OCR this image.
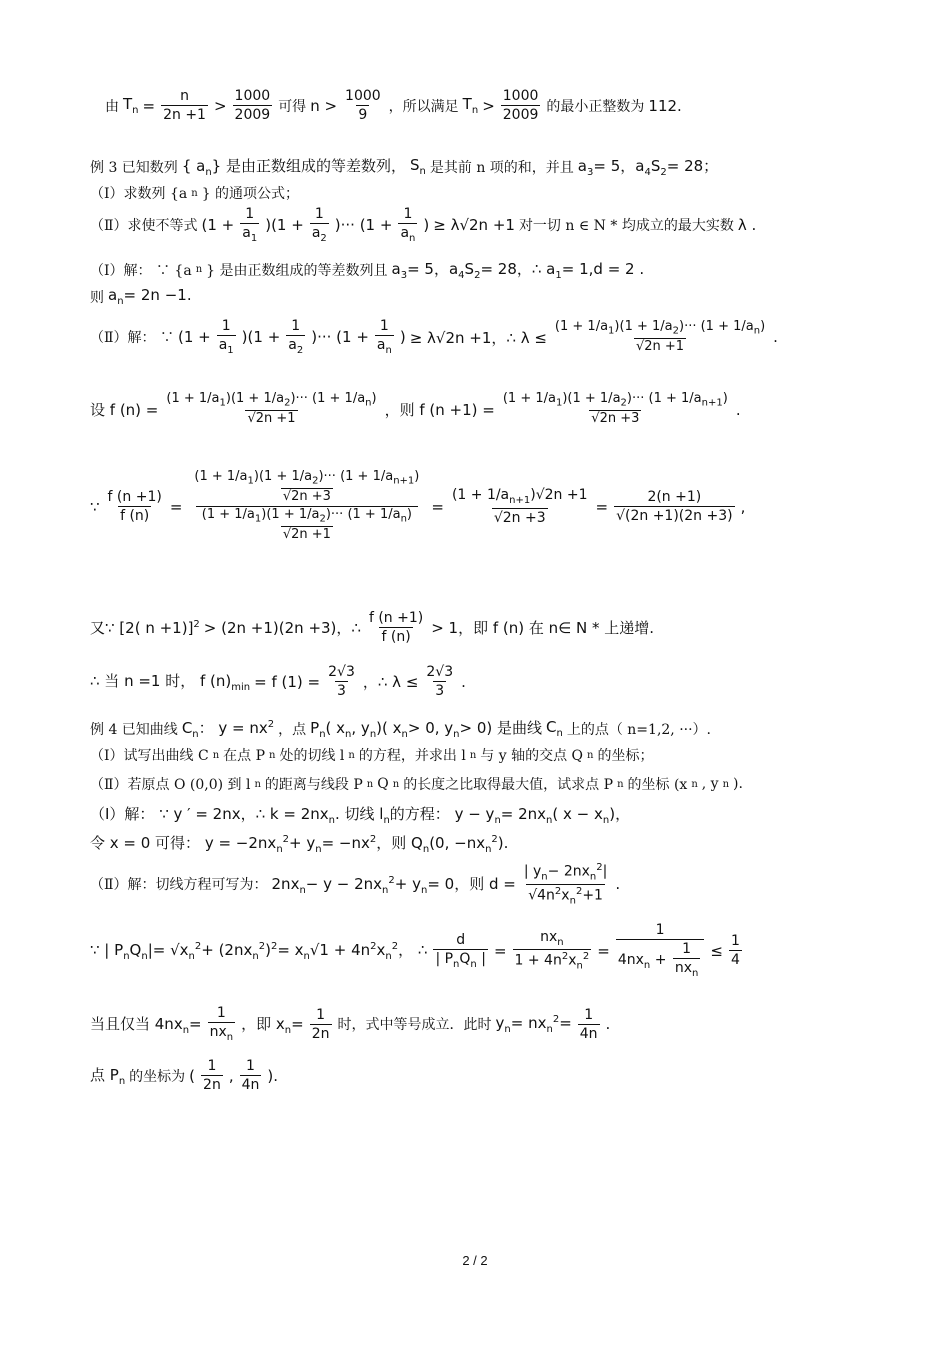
由 $T_n = \frac{n}{2n +1} > \frac{1000}{2009}$ 可得 $n > \frac{1000}{9}$ ，所以满足 $T_n > \frac{1000}{2009}$ 的最小正整数为 112.
例 3 已知数列 { $a_n$} 是由正数组成的等差数列， $S_n$ 是其前 n 项的和，并且 $a_3= 5$，$a_4S_2= 28$；
（Ⅰ）求数列 {a n } 的通项公式；
（Ⅱ）求使不等式 $(1 + \frac{1}{a_1} )(1 + \frac{1}{a_2}$ )··· ($1 + \frac{1}{a_n}$ ) ≥ λ√2n +1 对一切 n ∈ N * 均成立的最大实数 λ .
（Ⅰ）解： ∵ {a n } 是由正数组成的等差数列且 $a_3= 5$，$a_4S_2= 28$，∴ $a_1= 1,d = 2$ .
则 $a_n= 2n -1$.
（Ⅱ）解： ∵ $(1 + \frac{1}{a_1} )(1 + \frac{1}{a_2}$ )··· ($1 + \frac{1}{a_n}$ ) ≥ λ√2n +1，∴ $\lambda \le \frac{(1 + 1/a_1)(1 + 1/a_2)\cdot\cdot\cdot (1 + 1/a_n)}{√2n +1}$ .
设 f $(n) = \frac{(1 + 1/a_1)(1 + 1/a_2)\cdot\cdot\cdot (1 + 1/a_n)}{√2n +1}$ ，则 f $(n +1) = \frac{(1 + 1/a_1)(1 + 1/a_2)\cdot\cdot\cdot (1 + 1/a_{n+1})}{√2n +3}$ .
∵ $\frac{f (n +1)}{f (n)} = \frac{\frac{(1 + 1/a_1)(1 + 1/a_2)\cdot\cdot\cdot (1 + 1/a_{n+1})}{√2n +3}}{\frac{(1 + 1/a_1)(1 + 1/a_2)\cdot\cdot\cdot (1 + 1/a_n)}{√2n +1}} = \frac{(1 + 1/a_{n+1})√2n +1}{√2n +3} = \frac{2(n +1)}{√(2n +1)(2n +3)}$ ,
又∵ [2( n +1)]$^2$ > (2n +1)(2n +3)，∴ $\frac{f (n +1)}{f (n)} > 1$，即 f (n) 在 n∈ N * 上递增.
∴ 当 n =1 时， f $(n)_{min} = f$ $(1) = \frac{2√3}{3}$ ，∴ $\lambda \le \frac{2√3}{3}$ .
例 4 已知曲线 $C_n$： $y = nx^2$ ，点 $P_n$( $x_n$, $y_n$)( $x_n> 0$, $y_n> 0$) 是曲线 $C_n$ 上的点（ n=1,2, ···）.
（Ⅰ）试写出曲线 C n 在点 P n 处的切线 l n 的方程，并求出 l n 与 y 轴的交点 Q n 的坐标；
（Ⅱ）若原点 O (0,0) 到 l n 的距离与线段 P n Q n 的长度之比取得最大值，试求点 P n 的坐标 (x n , y n ).
（Ⅰ）解： ∵ y ′ = 2nx，∴ $k = 2nx_n$. 切线 $l_n$的方程： $y - y_n= 2nx_n$( $x - x_n$)，
令 x = 0 可得： $y = -2nx_n^2+ y_n= -nx^2$，则 $Q_n(0$, $-nx_n^2$).
（Ⅱ）解：切线方程可写为： $2nx_n- y - 2nx_n^2+ y_n= 0$，则 $d = \frac{| y_n- 2nx_n^2|}{√4n^2x_n^2+1}$ .
∵ | $P_nQ_n|= √x_n^2+ (2nx_n^2)^2= x_n√1 + 4n^2x_n^2$， ∴ $\frac{d}{| P_nQ_n |} = \frac{nx_n}{1 + 4n^2x_n^2} = \frac{1}{4nx_n + \frac{1}{nx_n}} \le \frac{1}{4}$
当且仅当 $4nx_n= \frac{1}{nx_n}$ ，即 $x_n= \frac{1}{2n}$ 时，式中等号成立．此时 $y_n= nx_n^2= \frac{1}{4n}$ .
点 $P_n$ 的坐标为 ( $\frac{1}{2n}$ , $\frac{1}{4n}$ ).
2 / 2
